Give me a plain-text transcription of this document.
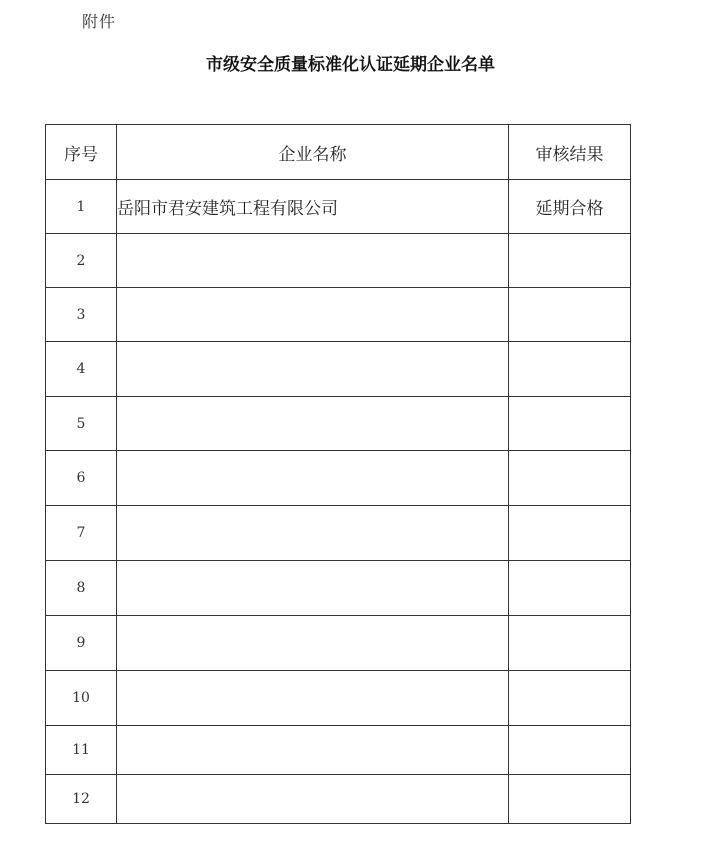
附件
市级安全质量标准化认证延期企业名单
序号	企业名称	审核结果
1	岳阳市君安建筑工程有限公司	延期合格
2		
3		
4		
5		
6		
7		
8		
9		
10		
11		
12		
